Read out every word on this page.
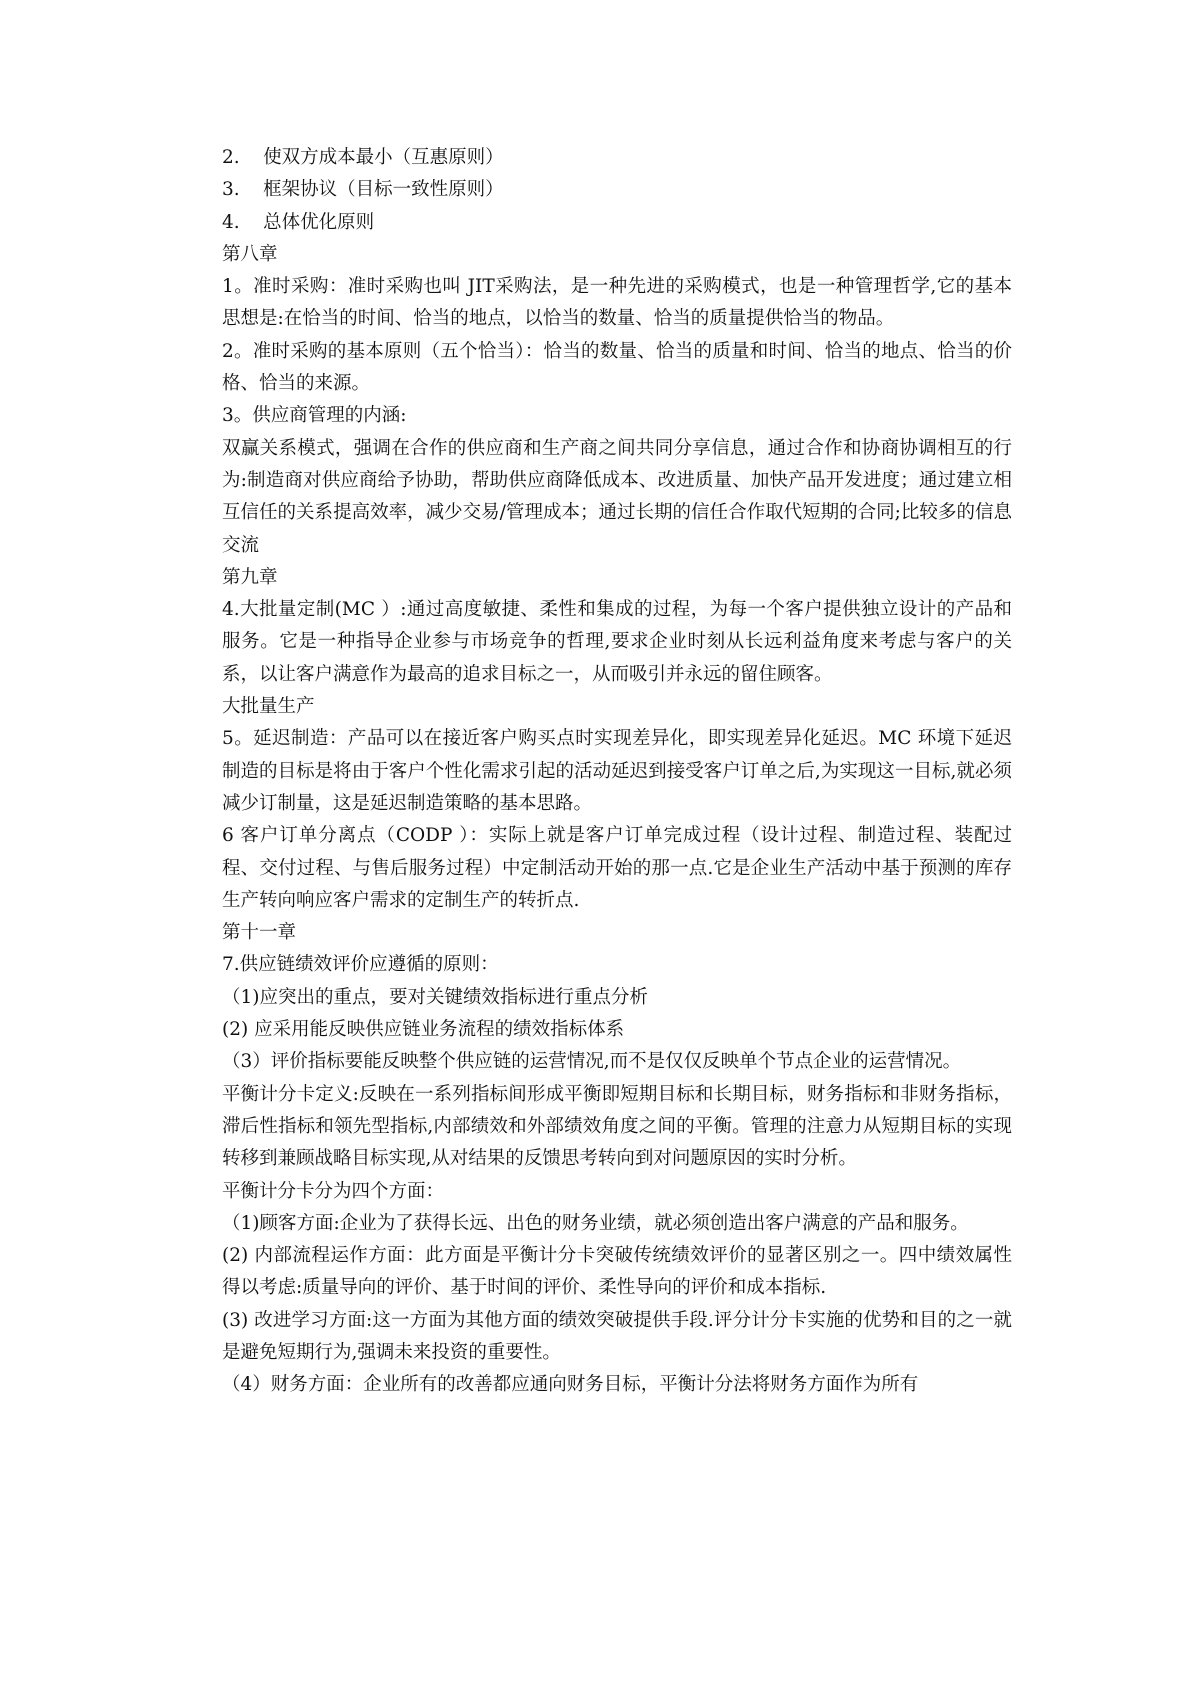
2.    使双方成本最小（互惠原则）

3.    框架协议（目标一致性原则）

4.    总体优化原则

第八章

1。准时采购：准时采购也叫 JIT采购法，是一种先进的采购模式，也是一种管理哲学,它的基本思想是:在恰当的时间、恰当的地点，以恰当的数量、恰当的质量提供恰当的物品。

2。准时采购的基本原则（五个恰当）：恰当的数量、恰当的质量和时间、恰当的地点、恰当的价格、恰当的来源。

3。供应商管理的内涵:

双赢关系模式，强调在合作的供应商和生产商之间共同分享信息，通过合作和协商协调相互的行为:制造商对供应商给予协助，帮助供应商降低成本、改进质量、加快产品开发进度；通过建立相互信任的关系提高效率，减少交易/管理成本；通过长期的信任合作取代短期的合同;比较多的信息交流

第九章

4.大批量定制(MC ）:通过高度敏捷、柔性和集成的过程，为每一个客户提供独立设计的产品和服务。它是一种指导企业参与市场竞争的哲理,要求企业时刻从长远利益角度来考虑与客户的关系，以让客户满意作为最高的追求目标之一，从而吸引并永远的留住顾客。

大批量生产

5。延迟制造：产品可以在接近客户购买点时实现差异化，即实现差异化延迟。MC 环境下延迟制造的目标是将由于客户个性化需求引起的活动延迟到接受客户订单之后,为实现这一目标,就必须减少订制量，这是延迟制造策略的基本思路。

6 客户订单分离点（CODP ）：实际上就是客户订单完成过程（设计过程、制造过程、装配过程、交付过程、与售后服务过程）中定制活动开始的那一点.它是企业生产活动中基于预测的库存生产转向响应客户需求的定制生产的转折点.

第十一章

7.供应链绩效评价应遵循的原则：

（1)应突出的重点，要对关键绩效指标进行重点分析

(2) 应采用能反映供应链业务流程的绩效指标体系

（3）评价指标要能反映整个供应链的运营情况,而不是仅仅反映单个节点企业的运营情况。

平衡计分卡定义:反映在一系列指标间形成平衡即短期目标和长期目标，财务指标和非财务指标，滞后性指标和领先型指标,内部绩效和外部绩效角度之间的平衡。管理的注意力从短期目标的实现转移到兼顾战略目标实现,从对结果的反馈思考转向到对问题原因的实时分析。

平衡计分卡分为四个方面：

（1)顾客方面:企业为了获得长远、出色的财务业绩，就必须创造出客户满意的产品和服务。

(2) 内部流程运作方面：此方面是平衡计分卡突破传统绩效评价的显著区别之一。四中绩效属性得以考虑:质量导向的评价、基于时间的评价、柔性导向的评价和成本指标.

(3) 改进学习方面:这一方面为其他方面的绩效突破提供手段.评分计分卡实施的优势和目的之一就是避免短期行为,强调未来投资的重要性。

（4）财务方面：企业所有的改善都应通向财务目标，平衡计分法将财务方面作为所有
